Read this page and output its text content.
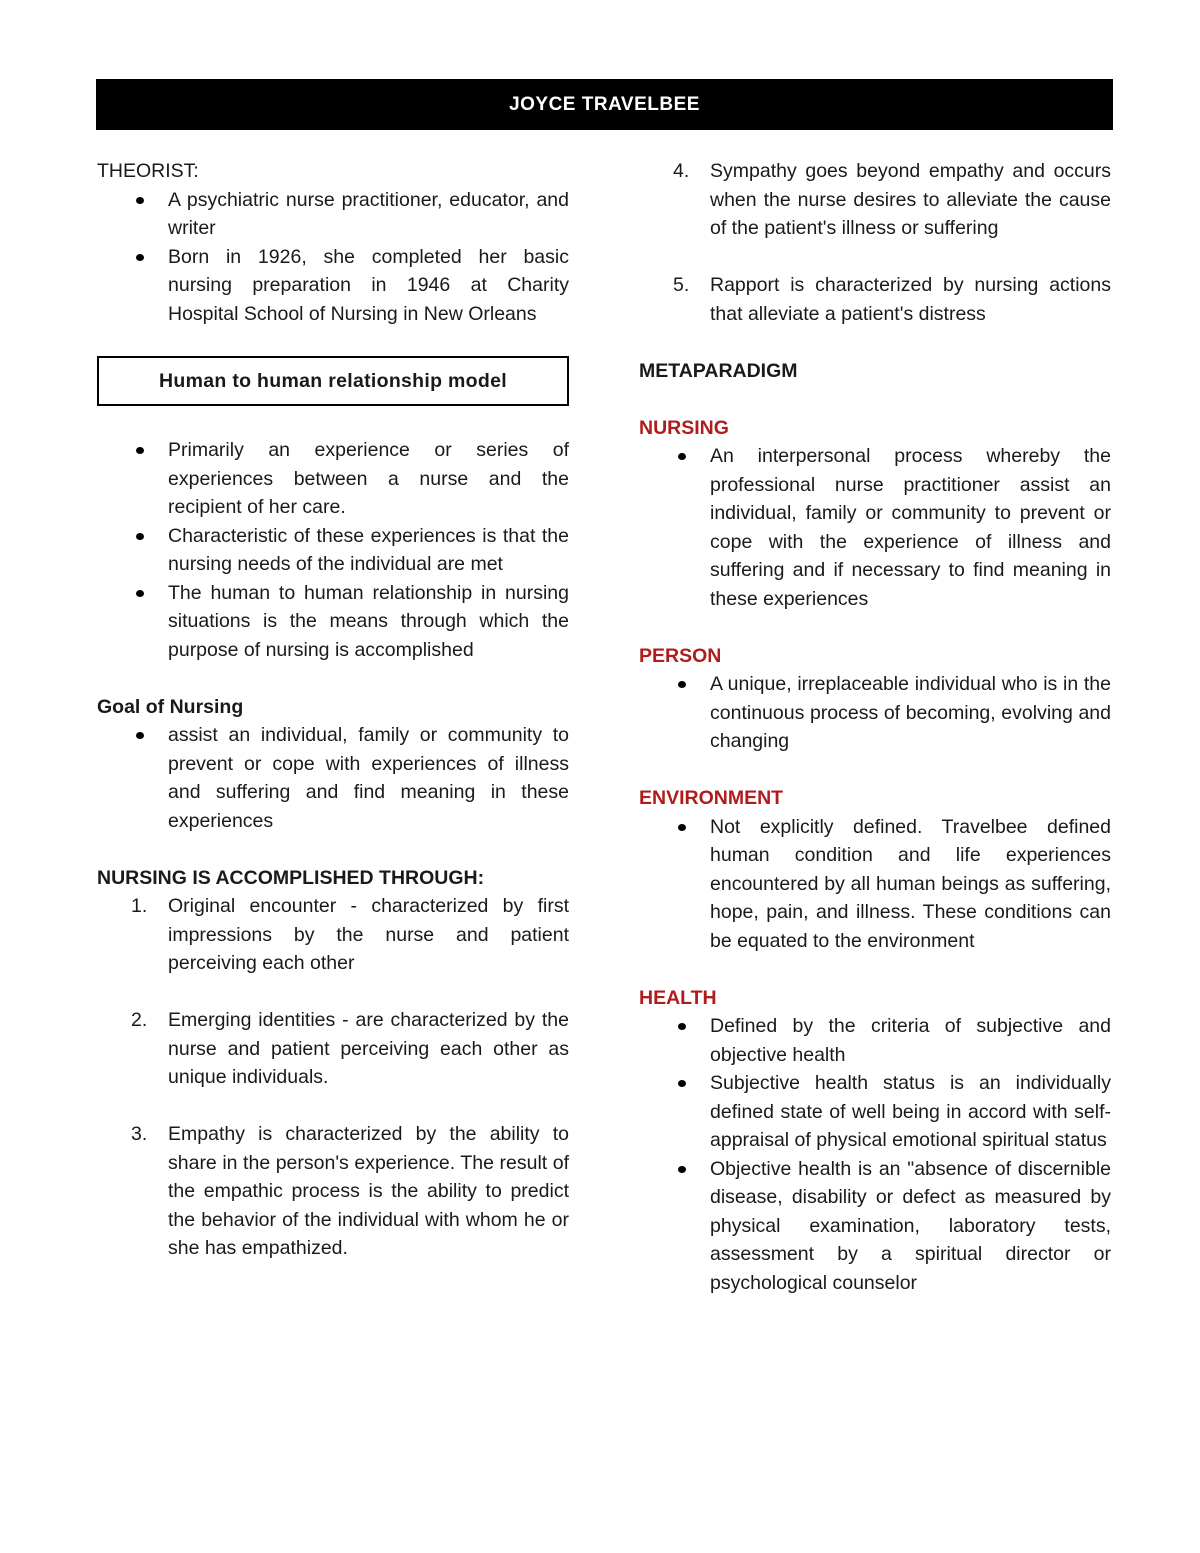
JOYCE TRAVELBEE

THEORIST:

A psychiatric nurse practitioner, educator, and writer
Born in 1926, she completed her basic nursing preparation in 1946 at Charity Hospital School of Nursing in New Orleans
Human to human relationship model
Primarily an experience or series of experiences between a nurse and the recipient of her care.
Characteristic of these experiences is that the nursing needs of the individual are met
The human to human relationship in nursing situations is the means through which the purpose of nursing is accomplished

Goal of Nursing

assist an individual, family or community to prevent or cope with experiences of illness and suffering and find meaning in these experiences

NURSING IS ACCOMPLISHED THROUGH:

1. Original encounter - characterized by first impressions by the nurse and patient perceiving each other
2. Emerging identities - are characterized by the nurse and patient perceiving each other as unique individuals.
3. Empathy is characterized by the ability to share in the person's experience. The result of the empathic process is the ability to predict the behavior of the individual with whom he or she has empathized.
4. Sympathy goes beyond empathy and occurs when the nurse desires to alleviate the cause of the patient's illness or suffering
5. Rapport is characterized by nursing actions that alleviate a patient's distress

METAPARADIGM

NURSING

An interpersonal process whereby the professional nurse practitioner assist an individual, family or community to prevent or cope with the experience of illness and suffering and if necessary to find meaning in these experiences

PERSON

A unique, irreplaceable individual who is in the continuous process of becoming, evolving and changing

ENVIRONMENT

Not explicitly defined. Travelbee defined human condition and life experiences encountered by all human beings as suffering, hope, pain, and illness. These conditions can be equated to the environment

HEALTH

Defined by the criteria of subjective and objective health
Subjective health status is an individually defined state of well being in accord with self-appraisal of physical emotional spiritual status
Objective health is an "absence of discernible disease, disability or defect as measured by physical examination, laboratory tests, assessment by a spiritual director or psychological counselor
